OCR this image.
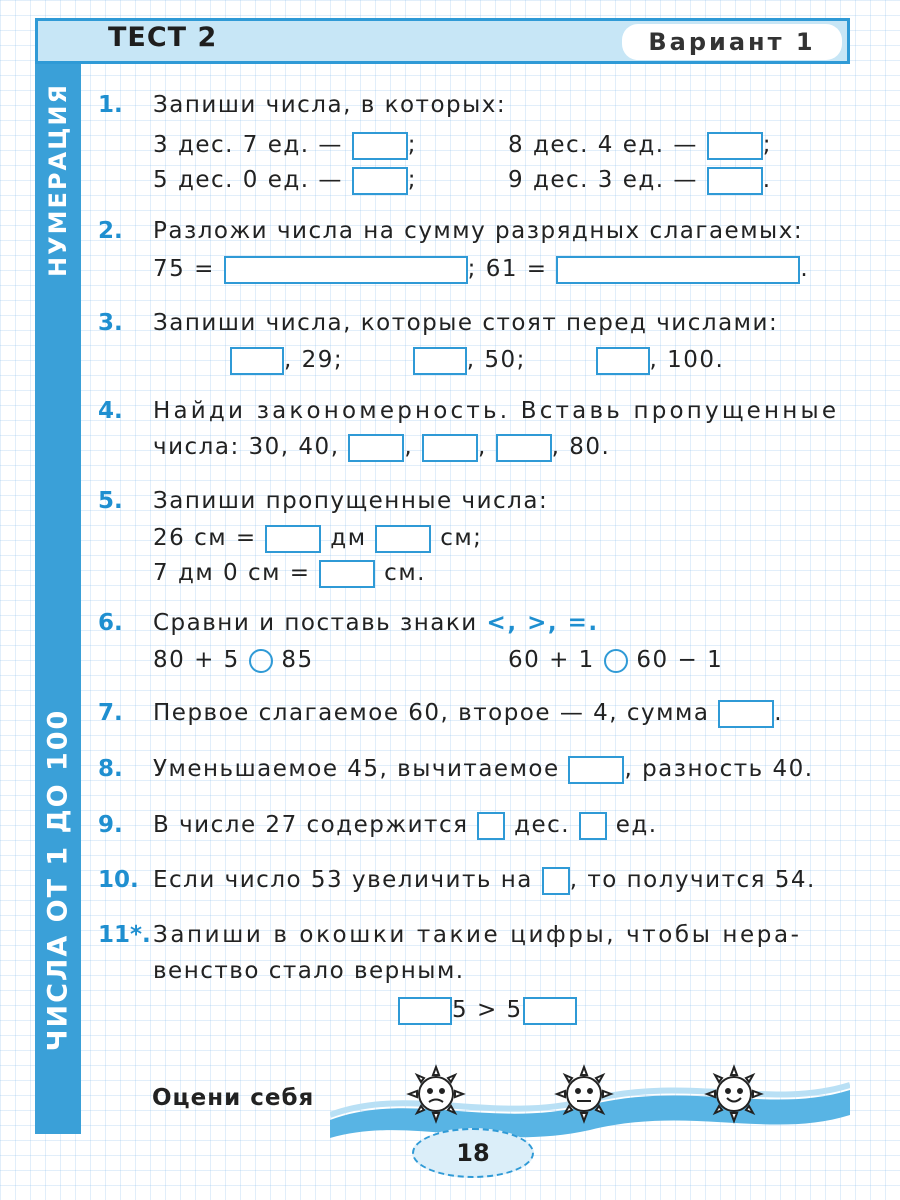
ТЕСТ 2	Вариант 1
НУМЕРАЦИЯ
ЧИСЛА ОТ 1 ДО 100
1. Запиши числа, в которых:
3 дес. 7 ед. —	;	8 дес. 4 ед. —	;
5 дес. 0 ед. —	;	9 дес. 3 ед. —	.
2. Разложи числа на сумму разрядных слагаемых:
75 =	; 61 =	.
3. Запиши числа, которые стоят перед числами:
, 29;	, 50;	, 100.
4. Найди закономерность. Вставь пропущенные
числа: 30, 40,	, , , 80.
5. Запиши пропущенные числа:
26 см =	дм	см;
7 дм 0 см =	см.
6. Сравни и поставь знаки <, >, =.
80 + 5 85	60 + 1 60 − 1
7. Первое слагаемое 60, второе — 4, сумма	.
8. Уменьшаемое 45, вычитаемое	, разность 40.
9. В числе 27 содержится дес. ед.
10. Если число 53 увеличить на , то получится 54.
11*. Запиши в окошки такие цифры, чтобы нера-
венство стало верным.
5 > 5
Оцени себя
18
